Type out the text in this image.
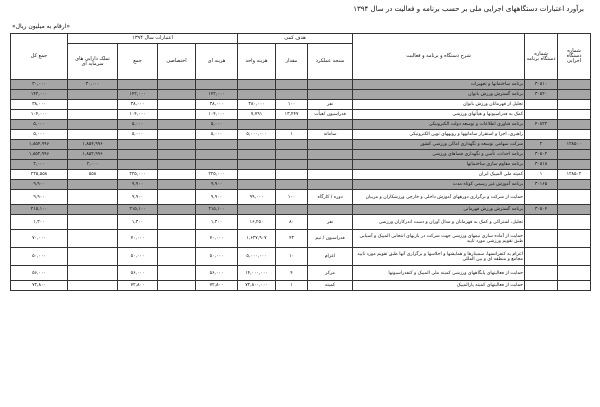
برآورد اعتبارات دستگاههای اجرایی ملی بر حسب برنامه و فعالیت در سال ۱۳۹۴
«ارقام به میلیون ریال»
شماره دستگاه اجرایی	شماره دستگاه برنامه	شرح دستگاه و برنامه و فعالیت	هدف کمی			اعتبارات سال ۱۳۹۴				جمع کل
			سنجه عملکرد	مقدار	هزینه واحد	هزینه ای	اختصاصی	جمع	تملک دارایی های سرمایه ای	
	۳۰۵۱۰	برنامه ساختمانها و تجهیزات							۳۰,۰۰۰	۳۰,۰۰۰
	۳۰۵۲۰	برنامه گسترش ورزش بانوان				۱۴۲,۰۰۰		۱۴۲,۰۰۰		۱۴۲,۰۰۰
		تجلیل از قهرمانان ورزش بانوان	نفر	۱۰۰	۳۸۰,۰۰۰	۳۸,۰۰۰		۳۸,۰۰۰		۳۸,۰۰۰
		کمک به فدراسیونها و هیأتهای ورزشی	فدراسیون /هیأت	۱۳,۴۴۷	۷,۷۹۱	۱۰۴,۰۰۰		۱۰۴,۰۰۰		۱۰۴,۰۰۰
	۴۰۸۲۲	برنامه فناوری اطلاعات و توسعه دولت الکترونیکی				۵,۰۰۰		۵,۰۰۰		۵,۰۰۰
		راهبری، اجرا و استقرار سامانهها و رویههای نوین الکترونیکی	سامانه	۱	۵,۰۰۰,۰۰۰	۵,۰۰۰		۵,۰۰۰		۵,۰۰۰
۱۲۸۵۰۰	۲	شرکت سهامی توسعه و نگهداری اماکن ورزشی کشور							۱,۸۵۴,۹۹۶	۱,۸۵۴,۹۹۶
	۳۰۵۰۲	برنامه احداث، تأمین و نگهداری فضاهای ورزشی							۱,۸۵۲,۹۹۶	۱,۸۵۲,۹۹۶
	۳۰۵۱۸	برنامه مقاوم سازی ساختمانها							۲,۰۰۰	۲,۰۰۰
۱۲۸۵۰۲	۱	کمیته ملی المپیک ایران				۲۲۵,۰۰۰		۲۲۵,۰۰۰	۵۵۸	۲۲۵,۵۵۸
	۳۰۱۶۵	برنامه آموزش غیر رسمی کوتاه مدت				۹,۹۰۰		۹,۹۰۰		۹,۹۰۰
		حمایت از شرکت و برگزاری دورههای آموزش داخلی و خارجی ورزشکاران و مربیان	دوره / کارگاه	۱۰۰	۹۹,۰۰۰	۹,۹۰۰		۹,۹۰۰		۹,۹۰۰
	۳۰۵۰۴	برنامه گسترش ورزش قهرمانی				۲۱۵,۱۰۰		۲۱۵,۱۰۰		۲۱۵,۱۰۰
		تجلیل، اشتراکی و کمک به قهرمانان و مدال آوران و دست اندرکاران ورزشی	نفر	۸۰	۱۶,۲۵۰	۱,۳۰۰		۱,۳۰۰		۱,۳۰۰
		حمایت از آماده سازی تیمهای ورزشی جهت شرکت در بازیهای انتخابی المپیک و آسیایی طبق تقویم ورزشی مورد تایید	فدراسیون / تیم	۴۳	۱,۶۲۷,۹۰۷	۷۰,۰۰۰		۷۰,۰۰۰		۷۰,۰۰۰
		اعزام به کنفرانسها، سمینارها و همایشها و اجلاسها و برگزاری آنها طبق تقویم مورد تایید مجامع و منطقه ای و بین المللی	اعزام	۱۰	۵,۰۰۰,۰۰۰	۵۰,۰۰۰		۵۰,۰۰۰		۵۰,۰۰۰
		حمایت از فعالیتهای پایگاههای ورزشی کمیته ملی المپیک و کنفدراسیونها	مرکز	۴	۱۴,۰۰۰,۰۰۰	۵۶,۰۰۰		۵۶,۰۰۰		۵۶,۰۰۰
		حمایت از فعالیتهای کمیته پارالمپیک	کمیته	۱	۷۲,۸۰۰,۰۰۰	۷۲,۸۰۰		۷۲,۸۰۰		۷۲,۸۰۰
